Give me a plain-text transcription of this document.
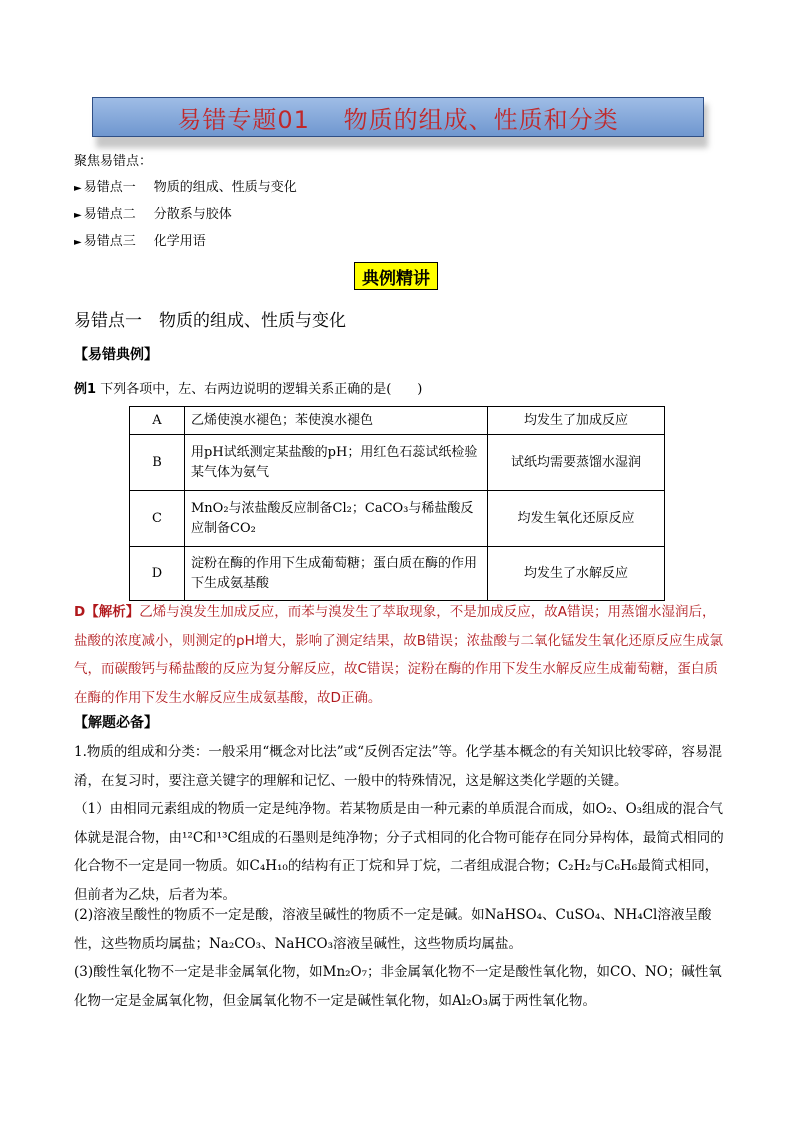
易错专题01　 物质的组成、性质和分类
聚焦易错点：
► 易错点一 物质的组成、性质与变化
► 易错点二 分散系与胶体
► 易错点三 化学用语
典例精讲
易错点一　物质的组成、性质与变化
【易错典例】
例1 下列各项中，左、右两边说明的逻辑关系正确的是(　　)
A	乙烯使溴水褪色；苯使溴水褪色	均发生了加成反应
B	用pH试纸测定某盐酸的pH；用红色石蕊试纸检验某气体为氨气	试纸均需要蒸馏水湿润
C	MnO₂与浓盐酸反应制备Cl₂；CaCO₃与稀盐酸反应制备CO₂	均发生氧化还原反应
D	淀粉在酶的作用下生成葡萄糖；蛋白质在酶的作用下生成氨基酸	均发生了水解反应
D【解析】乙烯与溴发生加成反应，而苯与溴发生了萃取现象，不是加成反应，故A错误；用蒸馏水湿润后，盐酸的浓度减小，则测定的pH增大，影响了测定结果，故B错误；浓盐酸与二氧化锰发生氧化还原反应生成氯气，而碳酸钙与稀盐酸的反应为复分解反应，故C错误；淀粉在酶的作用下发生水解反应生成葡萄糖，蛋白质在酶的作用下发生水解反应生成氨基酸，故D正确。
【解题必备】
1.物质的组成和分类：一般采用“概念对比法”或“反例否定法”等。化学基本概念的有关知识比较零碎，容易混淆，在复习时，要注意关键字的理解和记忆、一般中的特殊情况，这是解这类化学题的关键。
（1）由相同元素组成的物质一定是纯净物。若某物质是由一种元素的单质混合而成，如O₂、O₃组成的混合气体就是混合物，由¹²C和¹³C组成的石墨则是纯净物；分子式相同的化合物可能存在同分异构体，最简式相同的化合物不一定是同一物质。如C₄H₁₀的结构有正丁烷和异丁烷，二者组成混合物；C₂H₂与C₆H₆最简式相同，但前者为乙炔，后者为苯。
(2)溶液呈酸性的物质不一定是酸，溶液呈碱性的物质不一定是碱。如NaHSO₄、CuSO₄、NH₄Cl溶液呈酸性，这些物质均属盐；Na₂CO₃、NaHCO₃溶液呈碱性，这些物质均属盐。
(3)酸性氧化物不一定是非金属氧化物，如Mn₂O₇；非金属氧化物不一定是酸性氧化物，如CO、NO；碱性氧化物一定是金属氧化物，但金属氧化物不一定是碱性氧化物，如Al₂O₃属于两性氧化物。
